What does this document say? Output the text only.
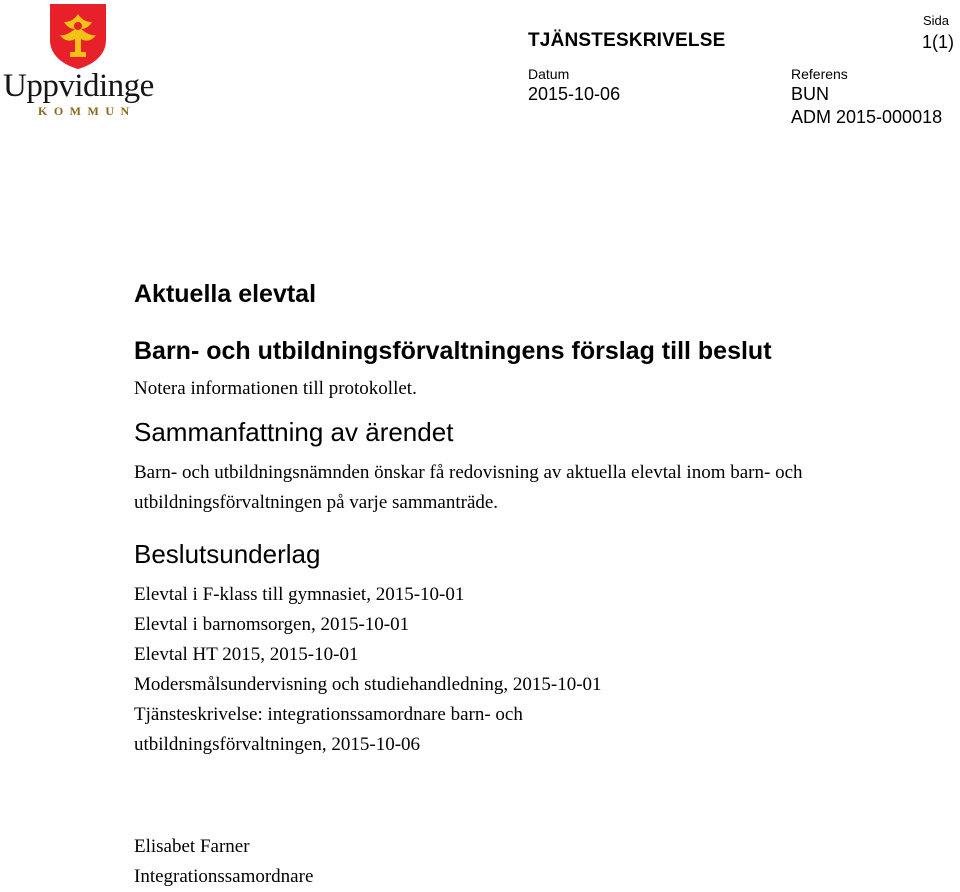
Uppvidinge
KOMMUN
TJÄNSTESKRIVELSE
Sida
1(1)
Datum
2015-10-06
Referens
BUN
ADM 2015-000018
Aktuella elevtal
Barn- och utbildningsförvaltningens förslag till beslut
Notera informationen till protokollet.
Sammanfattning av ärendet
Barn- och utbildningsnämnden önskar få redovisning av aktuella elevtal inom barn- och utbildningsförvaltningen på varje sammanträde.
Beslutsunderlag
Elevtal i F-klass till gymnasiet, 2015-10-01
Elevtal i barnomsorgen, 2015-10-01
Elevtal HT 2015, 2015-10-01
Modersmålsundervisning och studiehandledning, 2015-10-01
Tjänsteskrivelse: integrationssamordnare barn- och
utbildningsförvaltningen, 2015-10-06
Elisabet Farner
Integrationssamordnare
